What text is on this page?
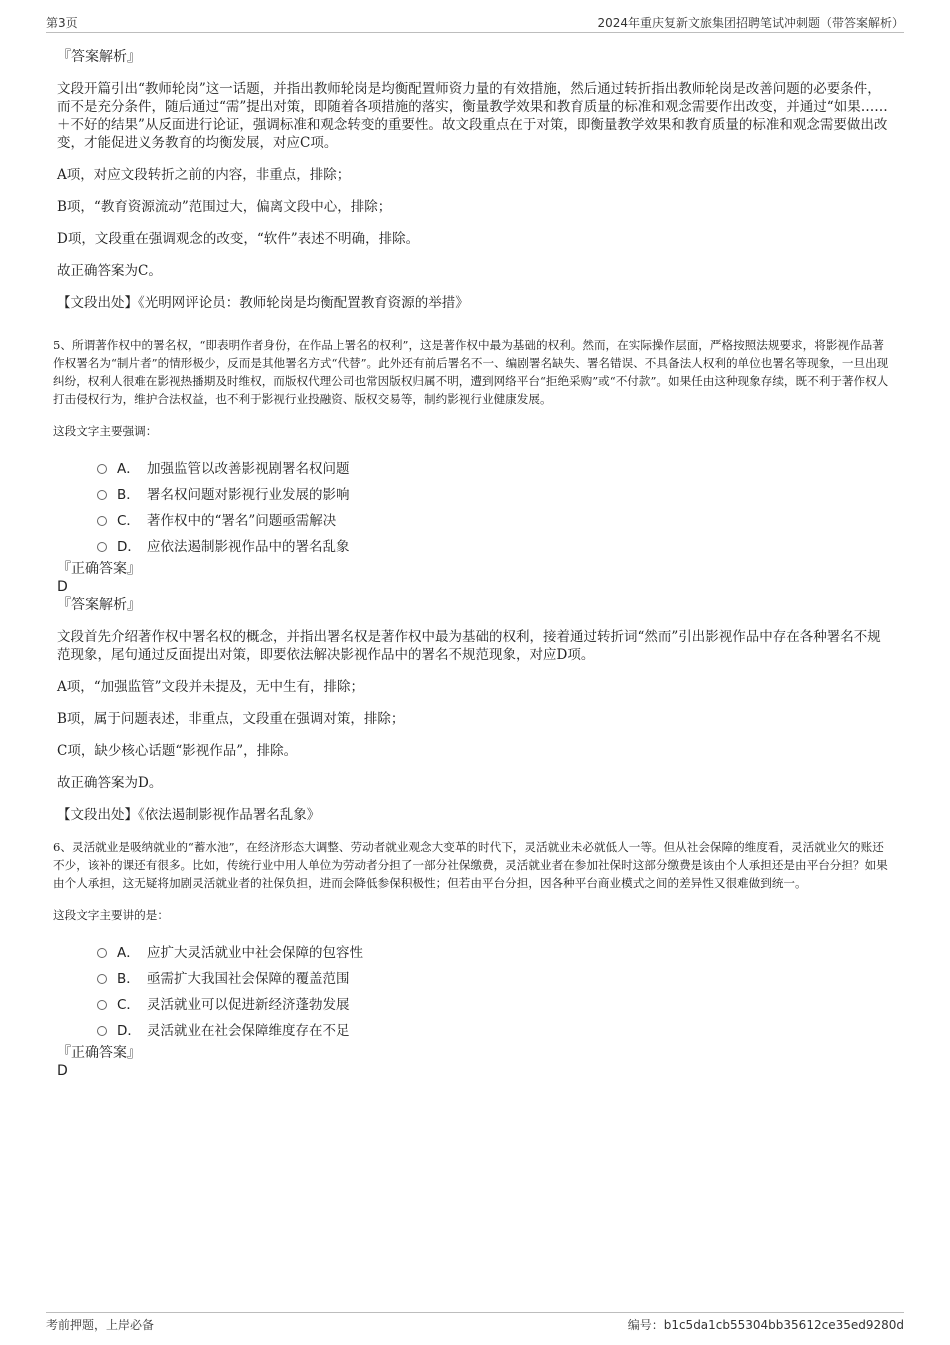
第3页	2024年重庆复新文旅集团招聘笔试冲刺题（带答案解析）

『答案解析』

文段开篇引出“教师轮岗”这一话题，并指出教师轮岗是均衡配置师资力量的有效措施，然后通过转折指出教师轮岗是改善问题的必要条件，而不是充分条件，随后通过“需”提出对策，即随着各项措施的落实，衡量教学效果和教育质量的标准和观念需要作出改变，并通过“如果……＋不好的结果”从反面进行论证，强调标准和观念转变的重要性。故文段重点在于对策，即衡量教学效果和教育质量的标准和观念需要做出改变，才能促进义务教育的均衡发展，对应C项。

A项，对应文段转折之前的内容，非重点，排除；

B项，“教育资源流动”范围过大，偏离文段中心，排除；

D项，文段重在强调观念的改变，“软件”表述不明确，排除。

故正确答案为C。

【文段出处】《光明网评论员：教师轮岗是均衡配置教育资源的举措》

5、所谓著作权中的署名权，“即表明作者身份，在作品上署名的权利”，这是著作权中最为基础的权利。然而，在实际操作层面，严格按照法规要求，将影视作品著作权署名为“制片者”的情形极少，反而是其他署名方式“代替”。此外还有前后署名不一、编剧署名缺失、署名错误、不具备法人权利的单位也署名等现象，一旦出现纠纷，权利人很难在影视热播期及时维权，而版权代理公司也常因版权归属不明，遭到网络平台“拒绝采购”或“不付款”。如果任由这种现象存续，既不利于著作权人打击侵权行为，维护合法权益，也不利于影视行业投融资、版权交易等，制约影视行业健康发展。

这段文字主要强调：

A． 加强监管以改善影视剧署名权问题
B． 署名权问题对影视行业发展的影响
C． 著作权中的“署名”问题亟需解决
D． 应依法遏制影视作品中的署名乱象

『正确答案』

D

『答案解析』

文段首先介绍著作权中署名权的概念，并指出署名权是著作权中最为基础的权利，接着通过转折词“然而”引出影视作品中存在各种署名不规范现象，尾句通过反面提出对策，即要依法解决影视作品中的署名不规范现象，对应D项。

A项，“加强监管”文段并未提及，无中生有，排除；

B项，属于问题表述，非重点，文段重在强调对策，排除；

C项，缺少核心话题“影视作品”，排除。

故正确答案为D。

【文段出处】《依法遏制影视作品署名乱象》

6、灵活就业是吸纳就业的“蓄水池”，在经济形态大调整、劳动者就业观念大变革的时代下，灵活就业未必就低人一等。但从社会保障的维度看，灵活就业欠的账还不少，该补的课还有很多。比如，传统行业中用人单位为劳动者分担了一部分社保缴费，灵活就业者在参加社保时这部分缴费是该由个人承担还是由平台分担？如果由个人承担，这无疑将加剧灵活就业者的社保负担，进而会降低参保积极性；但若由平台分担，因各种平台商业模式之间的差异性又很难做到统一。

这段文字主要讲的是：

A． 应扩大灵活就业中社会保障的包容性
B． 亟需扩大我国社会保障的覆盖范围
C． 灵活就业可以促进新经济蓬勃发展
D． 灵活就业在社会保障维度存在不足

『正确答案』

D

考前押题，上岸必备	编号：b1c5da1cb55304bb35612ce35ed9280d
